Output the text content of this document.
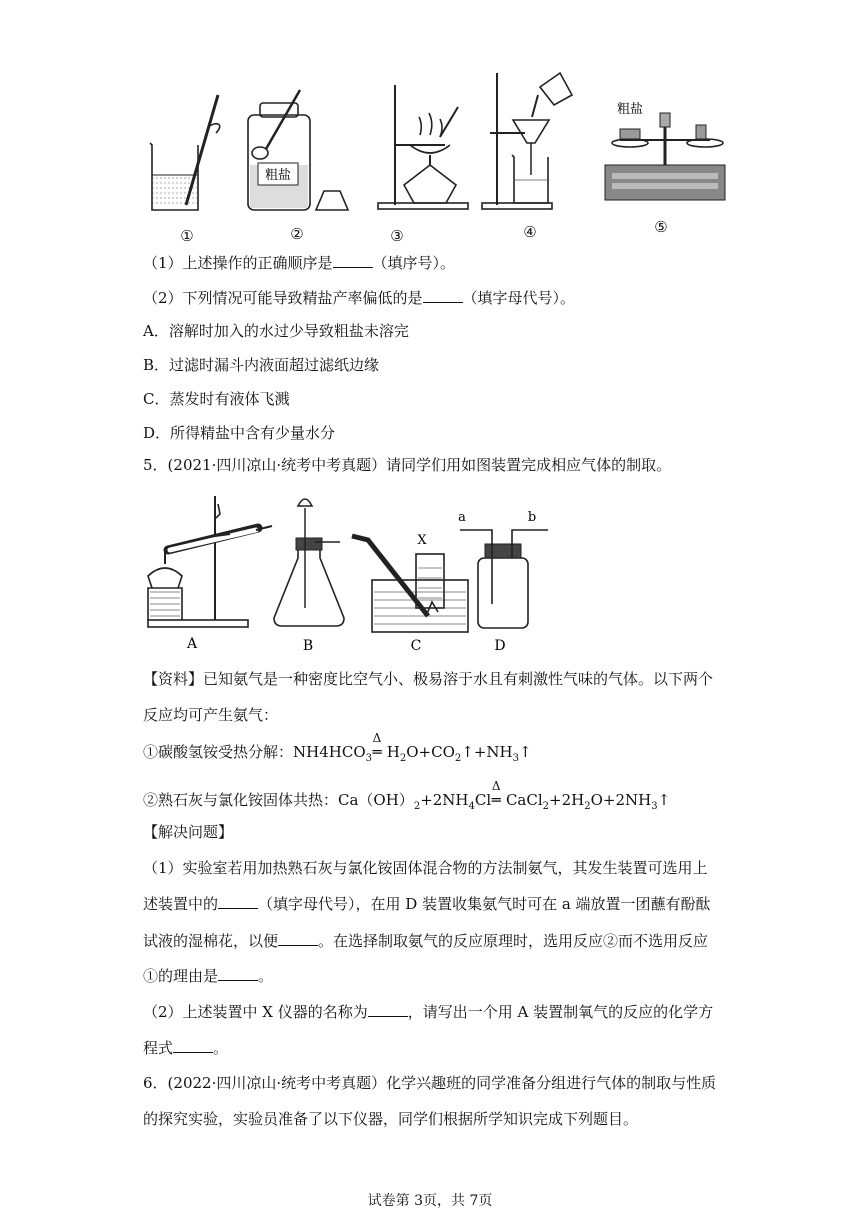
粗盐
粗盐
①	②	③	④	⑤
（1）上述操作的正确顺序是	（填序号）。
（2）下列情况可能导致精盐产率偏低的是	（填字母代号）。
A．溶解时加入的水过少导致粗盐未溶完
B．过滤时漏斗内液面超过滤纸边缘
C．蒸发时有液体飞溅
D．所得精盐中含有少量水分
5．(2021·四川凉山·统考中考真题）请同学们用如图装置完成相应气体的制取。
A	B
X
C
a	b
D
【资料】已知氨气是一种密度比空气小、极易溶于水且有刺激性气味的气体。以下两个
反应均可产生氨气：
①碳酸氢铵受热分解：$NH4HCO_3$
Δ
═ $H_2O+CO_2↑+NH_3↑$
②熟石灰与氯化铵固体共热：$Ca(OH)_2+2NH_4Cl$
Δ
═ $CaCl_2+2H_2O+2NH_3↑$
【解决问题】
（1）实验室若用加热熟石灰与氯化铵固体混合物的方法制氨气，其发生装置可选用上
述装置中的	（填字母代号），在用 D 装置收集氨气时可在 a 端放置一团蘸有酚酞
试液的湿棉花，以便	。在选择制取氨气的反应原理时，选用反应②而不选用反应
①的理由是	。
（2）上述装置中 X 仪器的名称为	，请写出一个用 A 装置制氧气的反应的化学方
程式	。
6．(2022·四川凉山·统考中考真题）化学兴趣班的同学准备分组进行气体的制取与性质
的探究实验，实验员准备了以下仪器，同学们根据所学知识完成下列题目。
试卷第 3页，共 7页
